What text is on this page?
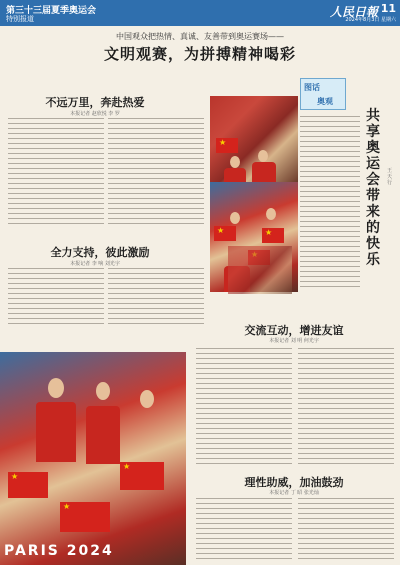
第三十三届夏季奥运会
特别报道	人民日報 11
2024年8月3日 星期六
中国观众把热情、真诚、友善带到奥运赛场——
文明观赛，为拼搏精神喝彩
不远万里，奔赴热爱
本报记者 赵欣悦 李 罗
全力支持，彼此激励
本报记者 李 响 刘光宇
★
★
★
★
图话
奥观
共享奥运会带来的快乐
王天行
★
★
★
PARIS 2024
交流互动，增进友谊
本报记者 刘 明 何光宇
理性助威，加油鼓劲
本报记者 丁 昭 张光灿
